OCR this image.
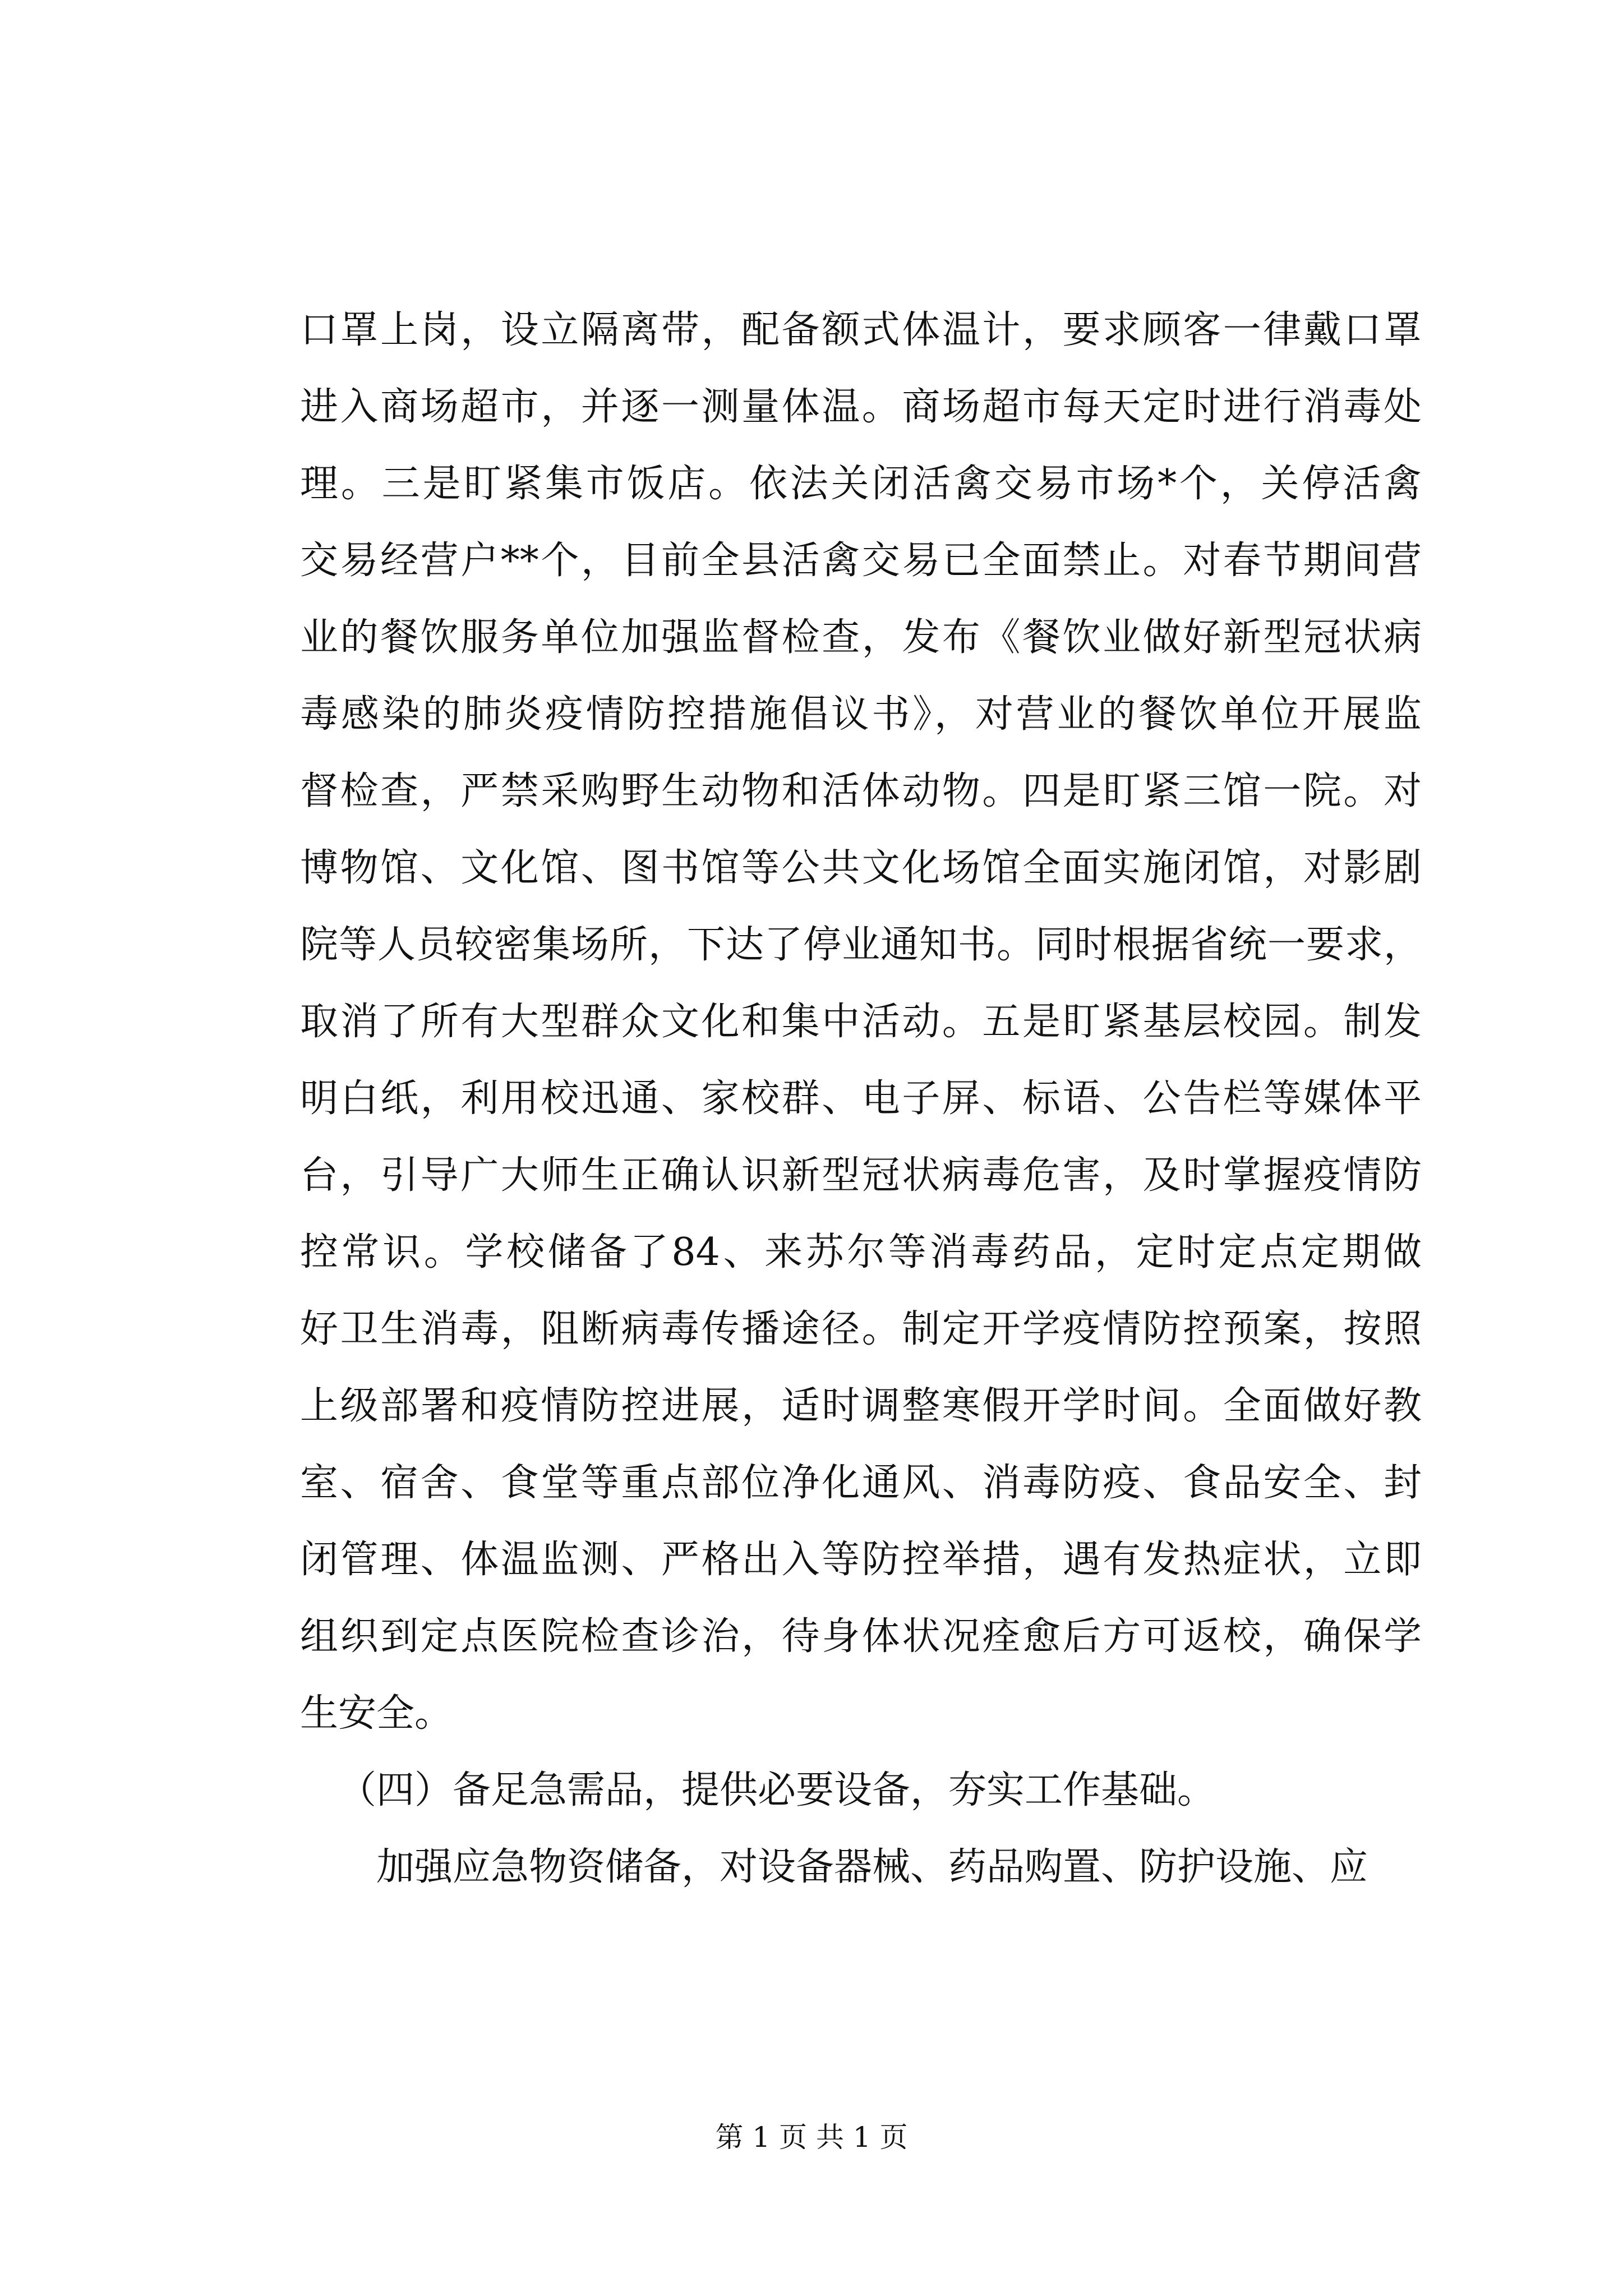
口罩上岗，设立隔离带，配备额式体温计，要求顾客一律戴口罩
进入商场超市，并逐一测量体温。商场超市每天定时进行消毒处
理。三是盯紧集市饭店。依法关闭活禽交易市场*个，关停活禽
交易经营户**个，目前全县活禽交易已全面禁止。对春节期间营
业的餐饮服务单位加强监督检查，发布《餐饮业做好新型冠状病
毒感染的肺炎疫情防控措施倡议书》，对营业的餐饮单位开展监
督检查，严禁采购野生动物和活体动物。四是盯紧三馆一院。对
博物馆、文化馆、图书馆等公共文化场馆全面实施闭馆，对影剧
院等人员较密集场所，下达了停业通知书。同时根据省统一要求，
取消了所有大型群众文化和集中活动。五是盯紧基层校园。制发
明白纸，利用校迅通、家校群、电子屏、标语、公告栏等媒体平
台，引导广大师生正确认识新型冠状病毒危害，及时掌握疫情防
控常识。学校储备了84、来苏尔等消毒药品，定时定点定期做
好卫生消毒，阻断病毒传播途径。制定开学疫情防控预案，按照
上级部署和疫情防控进展，适时调整寒假开学时间。全面做好教
室、宿舍、食堂等重点部位净化通风、消毒防疫、食品安全、封
闭管理、体温监测、严格出入等防控举措，遇有发热症状，立即
组织到定点医院检查诊治，待身体状况痊愈后方可返校，确保学
生安全。
（四）备足急需品，提供必要设备，夯实工作基础。
加强应急物资储备，对设备器械、药品购置、防护设施、应
第 1 页 共 1 页
